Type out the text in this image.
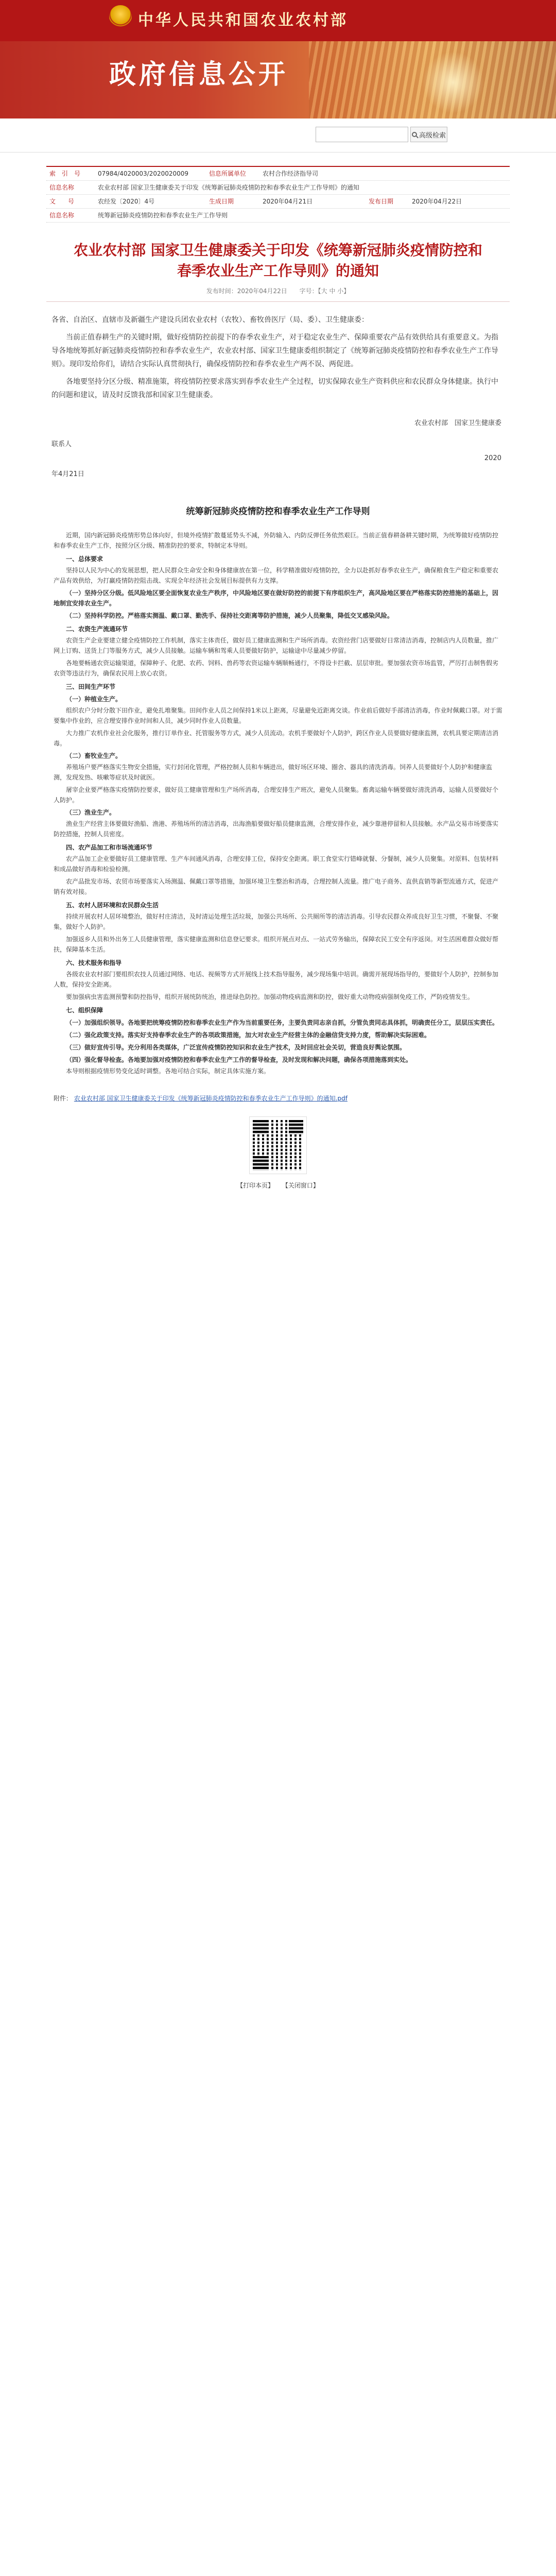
中华人民共和国农业农村部
政府信息公开
高级检索
索　引　号	07984/4020003/2020020009	信息所属单位	农村合作经济指导司
信息名称	农业农村部 国家卫生健康委关于印发《统筹新冠肺炎疫情防控和春季农业生产工作导则》的通知
文　　号	农经发〔2020〕4号	生成日期	2020年04月21日	发布日期	2020年04月22日
信息名称	统筹新冠肺炎疫情防控和春季农业生产工作导则
农业农村部 国家卫生健康委关于印发《统筹新冠肺炎疫情防控和
春季农业生产工作导则》的通知
发布时间：2020年04月22日 字号：【大 中 小】
各省、自治区、直辖市及新疆生产建设兵团农业农村（农牧）、畜牧兽医厅（局、委）、卫生健康委：

当前正值春耕生产的关键时期，做好疫情防控前提下的春季农业生产，对于稳定农业生产、保障重要农产品有效供给具有重要意义。为指导各地统筹抓好新冠肺炎疫情防控和春季农业生产，农业农村部、国家卫生健康委组织制定了《统筹新冠肺炎疫情防控和春季农业生产工作导则》。现印发给你们，请结合实际认真贯彻执行，确保疫情防控和春季农业生产两不误、两促进。

各地要坚持分区分级、精准施策，将疫情防控要求落实到春季农业生产全过程，切实保障农业生产资料供应和农民群众身体健康。执行中的问题和建议，请及时反馈我部和国家卫生健康委。

农业农村部　国家卫生健康委
联系人
2020
年4月21日
统筹新冠肺炎疫情防控和春季农业生产工作导则

近期，国内新冠肺炎疫情形势总体向好，但境外疫情扩散蔓延势头不减，外防输入、内防反弹任务依然艰巨。当前正值春耕备耕关键时期，为统筹做好疫情防控和春季农业生产工作，按照分区分级、精准防控的要求，特制定本导则。

一、总体要求

坚持以人民为中心的发展思想，把人民群众生命安全和身体健康放在第一位，科学精准做好疫情防控，全力以赴抓好春季农业生产，确保粮食生产稳定和重要农产品有效供给，为打赢疫情防控阻击战、实现全年经济社会发展目标提供有力支撑。

（一）坚持分区分级。低风险地区要全面恢复农业生产秩序，中风险地区要在做好防控的前提下有序组织生产，高风险地区要在严格落实防控措施的基础上，因地制宜安排农业生产。
（二）坚持科学防控。严格落实测温、戴口罩、勤洗手、保持社交距离等防护措施，减少人员聚集，降低交叉感染风险。
二、农资生产流通环节

农资生产企业要建立健全疫情防控工作机制，落实主体责任，做好员工健康监测和生产场所消毒。农资经营门店要做好日常清洁消毒，控制店内人员数量，推广网上订购、送货上门等服务方式，减少人员接触。运输车辆和驾乘人员要做好防护，运输途中尽量减少停留。

各地要畅通农资运输渠道，保障种子、化肥、农药、饲料、兽药等农资运输车辆顺畅通行，不得设卡拦截、层层审批。要加强农资市场监管，严厉打击制售假劣农资等违法行为，确保农民用上放心农资。

三、田间生产环节
（一）种植业生产。

组织农户分时分散下田作业，避免扎堆聚集。田间作业人员之间保持1米以上距离，尽量避免近距离交谈。作业前后做好手部清洁消毒，作业时佩戴口罩。对于需要集中作业的，应合理安排作业时间和人员，减少同时作业人员数量。

大力推广农机作业社会化服务，推行订单作业、托管服务等方式，减少人员流动。农机手要做好个人防护，跨区作业人员要做好健康监测，农机具要定期清洁消毒。

（二）畜牧业生产。

养殖场户要严格落实生物安全措施，实行封闭化管理，严格控制人员和车辆进出，做好场区环境、圈舍、器具的清洗消毒。饲养人员要做好个人防护和健康监测，发现发热、咳嗽等症状及时就医。

屠宰企业要严格落实疫情防控要求，做好员工健康管理和生产场所消毒，合理安排生产班次，避免人员聚集。畜禽运输车辆要做好清洗消毒，运输人员要做好个人防护。

（三）渔业生产。

渔业生产经营主体要做好渔船、渔港、养殖场所的清洁消毒，出海渔船要做好船员健康监测，合理安排作业，减少靠港停留和人员接触。水产品交易市场要落实防控措施，控制人员密度。

四、农产品加工和市场流通环节

农产品加工企业要做好员工健康管理、生产车间通风消毒，合理安排工位，保持安全距离。职工食堂实行错峰就餐、分餐制，减少人员聚集。对原料、包装材料和成品做好消毒和检验检测。

农产品批发市场、农贸市场要落实入场测温、佩戴口罩等措施，加强环境卫生整治和消毒，合理控制人流量。推广电子商务、直供直销等新型流通方式，促进产销有效对接。

五、农村人居环境和农民群众生活

持续开展农村人居环境整治，做好村庄清洁，及时清运处理生活垃圾，加强公共场所、公共厕所等的清洁消毒。引导农民群众养成良好卫生习惯，不聚餐、不聚集，做好个人防护。

加强返乡人员和外出务工人员健康管理，落实健康监测和信息登记要求。组织开展点对点、一站式劳务输出，保障农民工安全有序返岗。对生活困难群众做好帮扶，保障基本生活。

六、技术服务和指导

各级农业农村部门要组织农技人员通过网络、电话、视频等方式开展线上技术指导服务，减少现场集中培训。确需开展现场指导的，要做好个人防护，控制参加人数，保持安全距离。

要加强病虫害监测预警和防控指导，组织开展统防统治，推进绿色防控。加强动物疫病监测和防控，做好重大动物疫病强制免疫工作，严防疫情发生。

七、组织保障
（一）加强组织领导。各地要把统筹疫情防控和春季农业生产作为当前重要任务，主要负责同志亲自抓，分管负责同志具体抓，明确责任分工，层层压实责任。
（二）强化政策支持。落实好支持春季农业生产的各项政策措施，加大对农业生产经营主体的金融信贷支持力度，帮助解决实际困难。
（三）做好宣传引导。充分利用各类媒体，广泛宣传疫情防控知识和农业生产技术，及时回应社会关切，营造良好舆论氛围。
（四）强化督导检查。各地要加强对疫情防控和春季农业生产工作的督导检查，及时发现和解决问题，确保各项措施落到实处。

本导则根据疫情形势变化适时调整。各地可结合实际，制定具体实施方案。

附件： 农业农村部 国家卫生健康委关于印发《统筹新冠肺炎疫情防控和春季农业生产工作导则》的通知.pdf
【打印本页】 【关闭窗口】
